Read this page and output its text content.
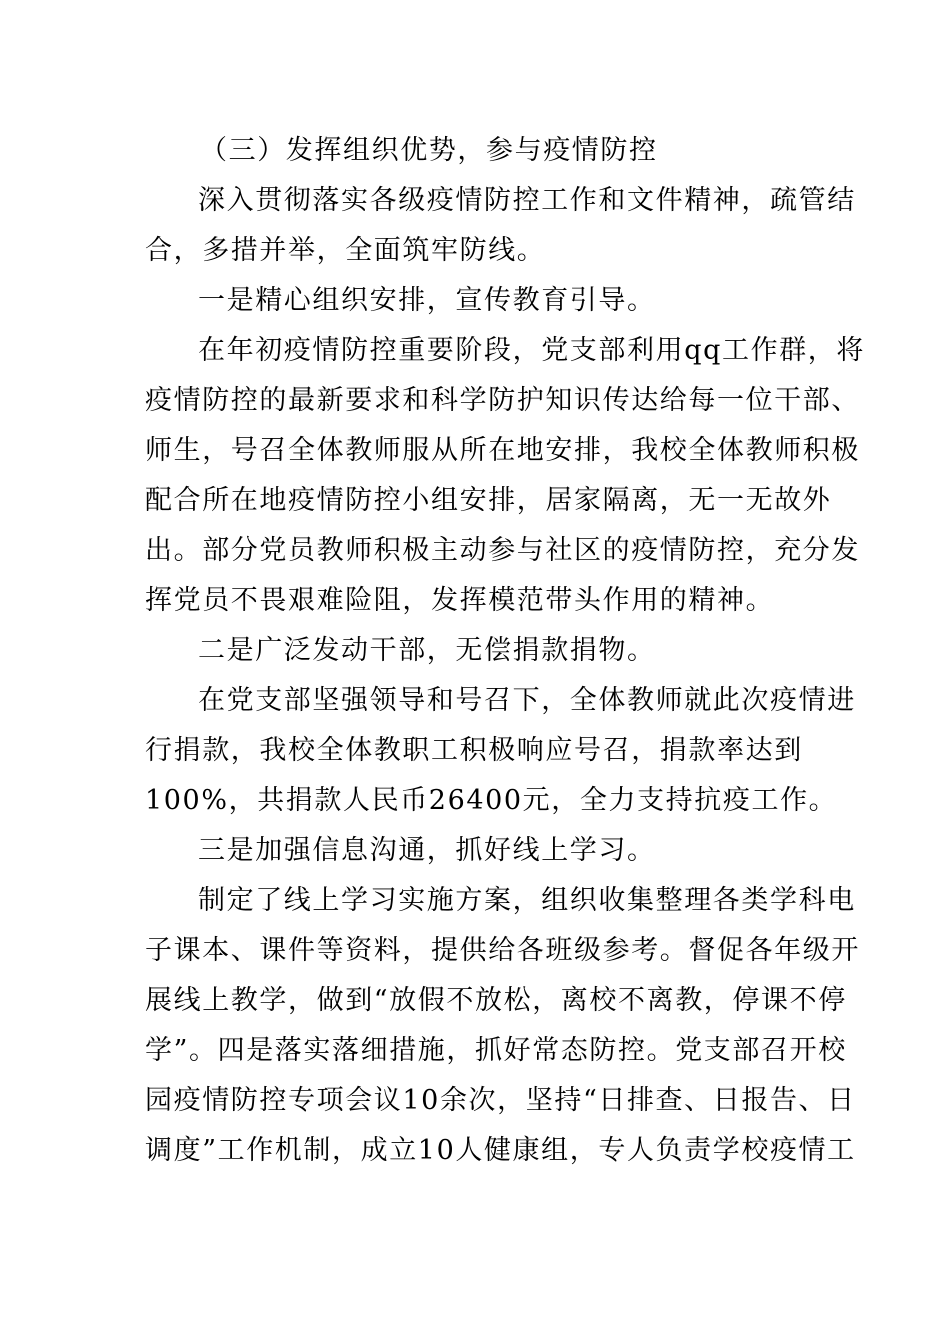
（三）发挥组织优势，参与疫情防控
深入贯彻落实各级疫情防控工作和文件精神，疏管结
合，多措并举，全面筑牢防线。
一是精心组织安排，宣传教育引导。
在年初疫情防控重要阶段，党支部利用qq工作群，将
疫情防控的最新要求和科学防护知识传达给每一位干部、
师生，号召全体教师服从所在地安排，我校全体教师积极
配合所在地疫情防控小组安排，居家隔离，无一无故外
出。部分党员教师积极主动参与社区的疫情防控，充分发
挥党员不畏艰难险阻，发挥模范带头作用的精神。
二是广泛发动干部，无偿捐款捐物。
在党支部坚强领导和号召下，全体教师就此次疫情进
行捐款，我校全体教职工积极响应号召，捐款率达到
100%，共捐款人民币26400元，全力支持抗疫工作。
三是加强信息沟通，抓好线上学习。
制定了线上学习实施方案，组织收集整理各类学科电
子课本、课件等资料，提供给各班级参考。督促各年级开
展线上教学，做到“放假不放松，离校不离教，停课不停
学”。四是落实落细措施，抓好常态防控。党支部召开校
园疫情防控专项会议10余次，坚持“日排查、日报告、日
调度”工作机制，成立10人健康组，专人负责学校疫情工
